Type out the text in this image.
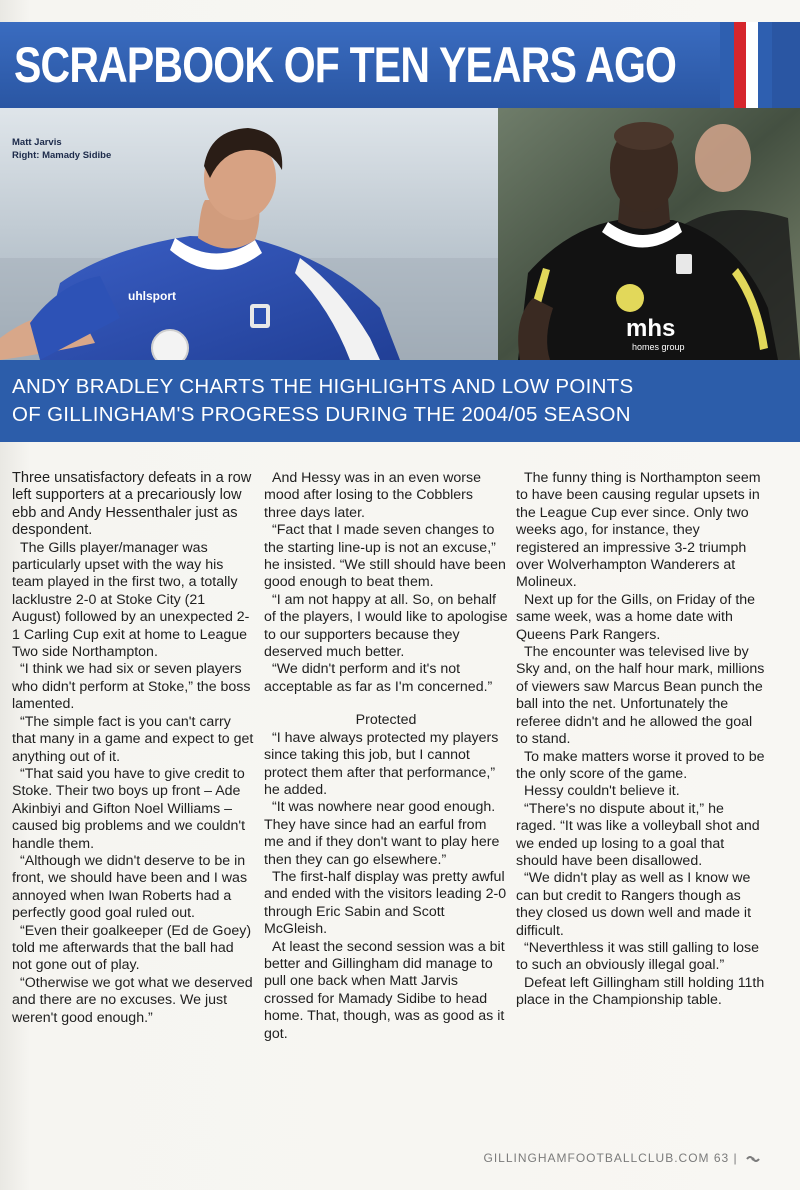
SCRAPBOOK OF TEN YEARS AGO
uhlsport
Matt Jarvis
Right: Mamady Sidibe
mhs
homes group
ANDY BRADLEY CHARTS THE HIGHLIGHTS AND LOW POINTS
OF GILLINGHAM'S PROGRESS DURING THE 2004/05 SEASON

Three unsatisfactory defeats in a row left supporters at a precariously low ebb and Andy Hessenthaler just as despondent.

The Gills player/manager was particularly upset with the way his team played in the first two, a totally lacklustre 2-0 at Stoke City (21 August) followed by an unexpected 2-1 Carling Cup exit at home to League Two side Northampton.

“I think we had six or seven players who didn't perform at Stoke,” the boss lamented.

“The simple fact is you can't carry that many in a game and expect to get anything out of it.

“That said you have to give credit to Stoke. Their two boys up front – Ade Akinbiyi and Gifton Noel Williams – caused big problems and we couldn't handle them.

“Although we didn't deserve to be in front, we should have been and I was annoyed when Iwan Roberts had a perfectly good goal ruled out.

“Even their goalkeeper (Ed de Goey) told me afterwards that the ball had not gone out of play.

“Otherwise we got what we deserved and there are no excuses. We just weren't good enough.”

And Hessy was in an even worse mood after losing to the Cobblers three days later.

“Fact that I made seven changes to the starting line-up is not an excuse,” he insisted. “We still should have been good enough to beat them.

“I am not happy at all. So, on behalf of the players, I would like to apologise to our supporters because they deserved much better.

“We didn't perform and it's not acceptable as far as I'm concerned.”

Protected

“I have always protected my players since taking this job, but I cannot protect them after that performance,” he added.

“It was nowhere near good enough. They have since had an earful from me and if they don't want to play here then they can go elsewhere.”

The first-half display was pretty awful and ended with the visitors leading 2-0 through Eric Sabin and Scott McGleish.

At least the second session was a bit better and Gillingham did manage to pull one back when Matt Jarvis crossed for Mamady Sidibe to head home. That, though, was as good as it got.

The funny thing is Northampton seem to have been causing regular upsets in the League Cup ever since. Only two weeks ago, for instance, they registered an impressive 3-2 triumph over Wolverhampton Wanderers at Molineux.

Next up for the Gills, on Friday of the same week, was a home date with Queens Park Rangers.

The encounter was televised live by Sky and, on the half hour mark, millions of viewers saw Marcus Bean punch the ball into the net. Unfortunately the referee didn't and he allowed the goal to stand.

To make matters worse it proved to be the only score of the game.

Hessy couldn't believe it.

“There's no dispute about it,” he raged. “It was like a volleyball shot and we ended up losing to a goal that should have been disallowed.

“We didn't play as well as I know we can but credit to Rangers though as they closed us down well and made it difficult.

“Neverthless it was still galling to lose to such an obviously illegal goal.”

Defeat left Gillingham still holding 11th place in the Championship table.

GILLINGHAMFOOTBALLCLUB.COM 63 |
